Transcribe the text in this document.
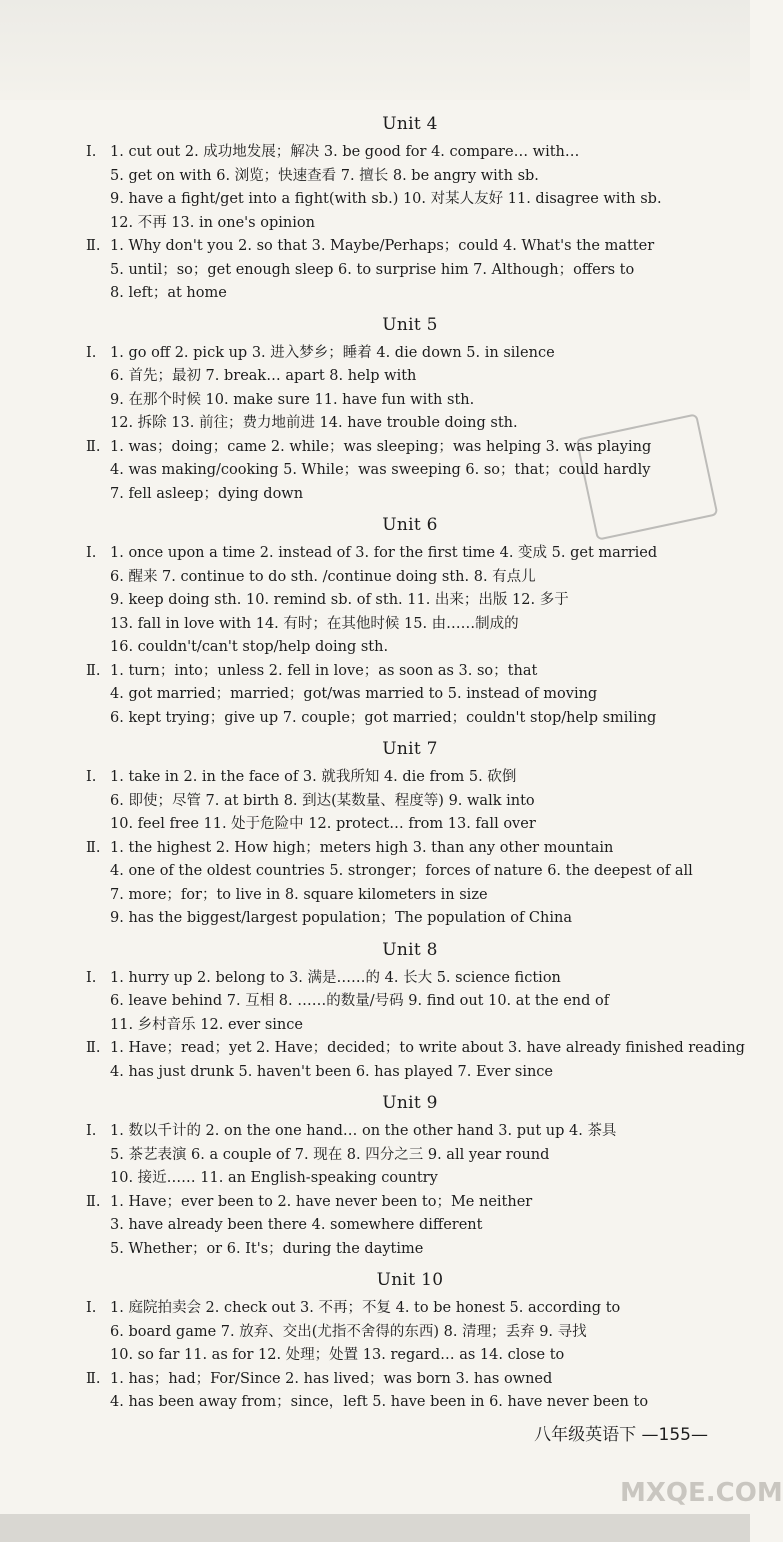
Unit 4
Ⅰ. 1. cut out 2. 成功地发展；解决 3. be good for 4. compare… with…
5. get on with 6. 浏览；快速查看 7. 擅长 8. be angry with sb.
9. have a fight/get into a fight(with sb.) 10. 对某人友好 11. disagree with sb.
12. 不再 13. in one's opinion
Ⅱ. 1. Why don't you 2. so that 3. Maybe/Perhaps；could 4. What's the matter
5. until；so；get enough sleep 6. to surprise him 7. Although；offers to
8. left；at home
Unit 5
Ⅰ. 1. go off 2. pick up 3. 进入梦乡；睡着 4. die down 5. in silence
6. 首先；最初 7. break… apart 8. help with
9. 在那个时候 10. make sure 11. have fun with sth.
12. 拆除 13. 前往；费力地前进 14. have trouble doing sth.
Ⅱ. 1. was；doing；came 2. while；was sleeping；was helping 3. was playing
4. was making/cooking 5. While；was sweeping 6. so；that；could hardly
7. fell asleep；dying down
Unit 6
Ⅰ. 1. once upon a time 2. instead of 3. for the first time 4. 变成 5. get married
6. 醒来 7. continue to do sth. /continue doing sth. 8. 有点儿
9. keep doing sth. 10. remind sb. of sth. 11. 出来；出版 12. 多于
13. fall in love with 14. 有时；在其他时候 15. 由……制成的
16. couldn't/can't stop/help doing sth.
Ⅱ. 1. turn；into；unless 2. fell in love；as soon as 3. so；that
4. got married；married；got/was married to 5. instead of moving
6. kept trying；give up 7. couple；got married；couldn't stop/help smiling
Unit 7
Ⅰ. 1. take in 2. in the face of 3. 就我所知 4. die from 5. 砍倒
6. 即使；尽管 7. at birth 8. 到达(某数量、程度等) 9. walk into
10. feel free 11. 处于危险中 12. protect… from 13. fall over
Ⅱ. 1. the highest 2. How high；meters high 3. than any other mountain
4. one of the oldest countries 5. stronger；forces of nature 6. the deepest of all
7. more；for；to live in 8. square kilometers in size
9. has the biggest/largest population；The population of China
Unit 8
Ⅰ. 1. hurry up 2. belong to 3. 满是……的 4. 长大 5. science fiction
6. leave behind 7. 互相 8. ……的数量/号码 9. find out 10. at the end of
11. 乡村音乐 12. ever since
Ⅱ. 1. Have；read；yet 2. Have；decided；to write about 3. have already finished reading
4. has just drunk 5. haven't been 6. has played 7. Ever since
Unit 9
Ⅰ. 1. 数以千计的 2. on the one hand… on the other hand 3. put up 4. 茶具
5. 茶艺表演 6. a couple of 7. 现在 8. 四分之三 9. all year round
10. 接近…… 11. an English-speaking country
Ⅱ. 1. Have；ever been to 2. have never been to；Me neither
3. have already been there 4. somewhere different
5. Whether；or 6. It's；during the daytime
Unit 10
Ⅰ. 1. 庭院拍卖会 2. check out 3. 不再；不复 4. to be honest 5. according to
6. board game 7. 放弃、交出(尤指不舍得的东西) 8. 清理；丢弃 9. 寻找
10. so far 11. as for 12. 处理；处置 13. regard… as 14. close to
Ⅱ. 1. has；had；For/Since 2. has lived；was born 3. has owned
4. has been away from；since，left 5. have been in 6. have never been to
八年级英语下 —155—
MXQE.COM
